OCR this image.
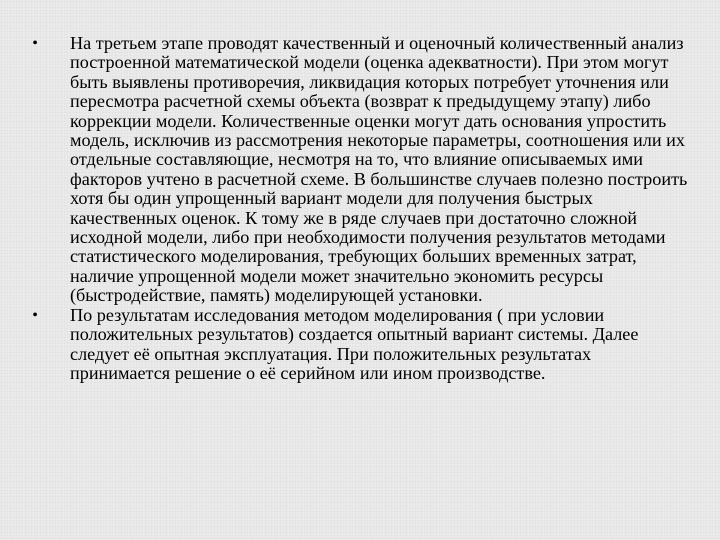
• На третьем этапе проводят качественный и оценочный количественный анализ построенной математической модели (оценка адекватности). При этом могут быть выявлены противоречия, ликвидация которых потребует уточнения или пересмотра расчетной схемы объекта (возврат к предыдущему этапу) либо коррекции модели. Количественные оценки могут дать основания упростить модель, исключив из рассмотрения некоторые параметры, соотношения или их отдельные составляющие, несмотря на то, что влияние описываемых ими факторов учтено в расчетной схеме. В большинстве случаев полезно построить хотя бы один упрощенный вариант модели для получения быстрых качественных оценок. К тому же в ряде случаев при достаточно сложной исходной модели, либо при необходимости получения результатов методами статистического моделирования, требующих больших временных затрат, наличие упрощенной модели может значительно экономить ресурсы (быстродействие, память) моделирующей установки.
• По результатам исследования методом моделирования ( при условии положительных результатов) создается опытный вариант системы. Далее следует её опытная эксплуатация. При положительных результатах принимается решение о её серийном или ином производстве.
